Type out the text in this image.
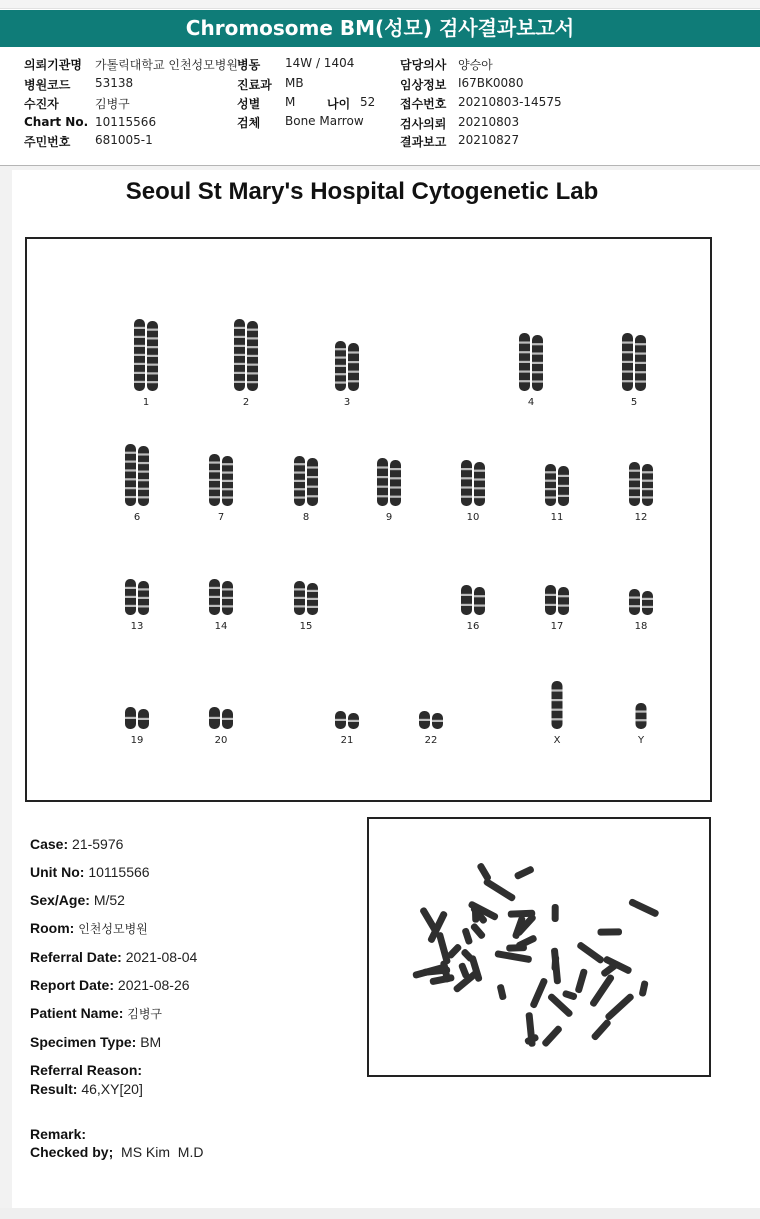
Chromosome BM(성모) 검사결과보고서
의뢰기관명 가톨릭대학교 인천성모병원
병원코드 53138
수진자	김병구
Chart No. 10115566
주민번호 681005-1
병동 14W / 1404
진료과 MB
성별 M	나이 52
검체 Bone Marrow
담당의사 양승아
임상정보 I67BK0080
접수번호 20210803-14575
검사의뢰 20210803
결과보고 20210827
Seoul St Mary's Hospital Cytogenetic Lab
1	2	3	4	5
6	7	8	9	10	11	12
13	14	15	16	17	18
19	20	21	22	X	Y
Case: 21-5976
Unit No: 10115566
Sex/Age: M/52
Room: 인천성모병원
Referral Date: 2021-08-04
Report Date: 2021-08-26
Patient Name: 김병구
Specimen Type: BM
Referral Reason:
Result: 46,XY[20]
Remark:
Checked by; MS Kim  M.D
